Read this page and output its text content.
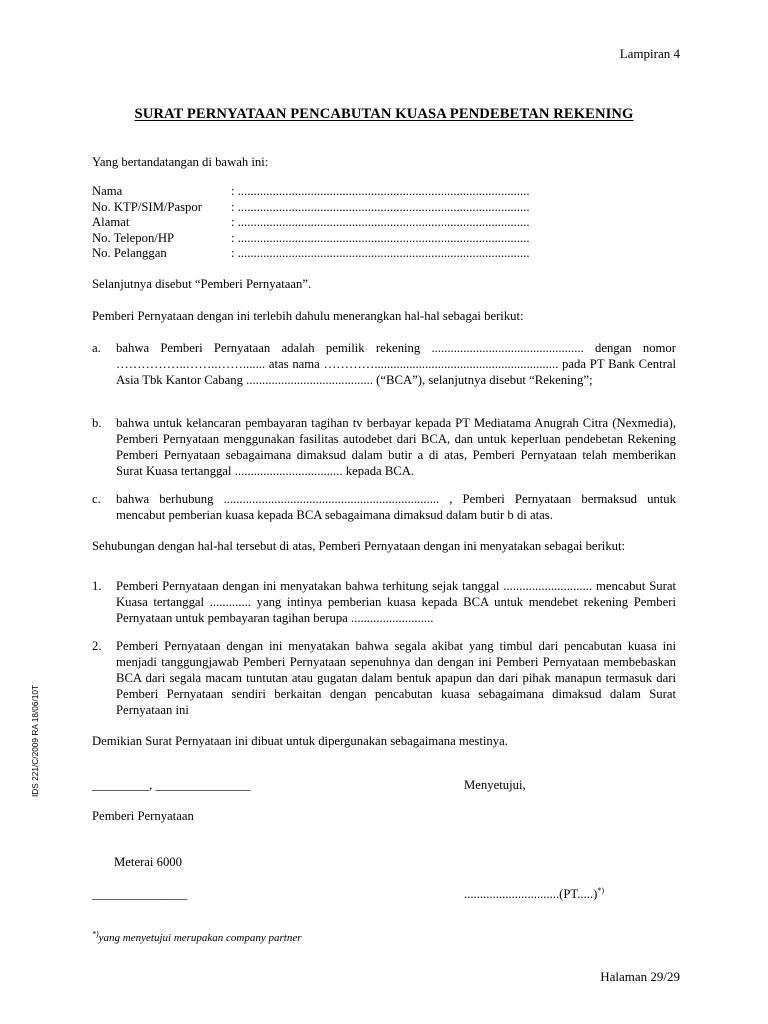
Lampiran 4
SURAT PERNYATAAN PENCABUTAN KUASA PENDEBETAN REKENING
Yang bertandatangan di bawah ini:
Nama	: ............................................................................................
No. KTP/SIM/Paspor : ............................................................................................
Alamat	: ............................................................................................
No. Telepon/HP	: ............................................................................................
No. Pelanggan	: ............................................................................................
Selanjutnya disebut “Pemberi Pernyataan”.
Pemberi Pernyataan dengan ini terlebih dahulu menerangkan hal-hal sebagai berikut:
a. bahwa Pemberi Pernyataan adalah pemilik rekening ................................................ dengan nomor ……………..……..……....... atas nama ………….......................................................... pada PT Bank Central Asia Tbk Kantor Cabang ........................................ (“BCA”), selanjutnya disebut “Rekening”;
b. bahwa untuk kelancaran pembayaran tagihan tv berbayar kepada PT Mediatama Anugrah Citra (Nexmedia), Pemberi Pernyataan menggunakan fasilitas autodebet dari BCA, dan untuk keperluan pendebetan Rekening Pemberi Pernyataan sebagaimana dimaksud dalam butir a di atas, Pemberi Pernyataan telah memberikan Surat Kuasa tertanggal .................................. kepada BCA.
c. bahwa berhubung .................................................................... , Pemberi Pernyataan bermaksud untuk mencabut pemberian kuasa kepada BCA sebagaimana dimaksud dalam butir b di atas.
Sehubungan dengan hal-hal tersebut di atas, Pemberi Pernyataan dengan ini menyatakan sebagai berikut:
1. Pemberi Pernyataan dengan ini menyatakan bahwa terhitung sejak tanggal ............................ mencabut Surat Kuasa tertanggal ............. yang intinya pemberian kuasa kepada BCA untuk mendebet rekening Pemberi Pernyataan untuk pembayaran tagihan berupa ..........................
2. Pemberi Pernyataan dengan ini menyatakan bahwa segala akibat yang timbul dari pencabutan kuasa ini menjadi tanggungjawab Pemberi Pernyataan sepenuhnya dan dengan ini Pemberi Pernyataan membebaskan BCA dari segala macam tuntutan atau gugatan dalam bentuk apapun dan dari pihak manapun termasuk dari Pemberi Pernyataan sendiri berkaitan dengan pencabutan kuasa sebagaimana dimaksud dalam Surat Pernyataan ini
Demikian Surat Pernyataan ini dibuat untuk dipergunakan sebagaimana mestinya.
_________, _______________	Menyetujui,
Pemberi Pernyataan
Meterai 6000
_______________	..............................(PT.....)*)
*)yang menyetujui merupakan company partner
IDS 221/C/2009 RA 18/06/10T
Halaman 29/29
